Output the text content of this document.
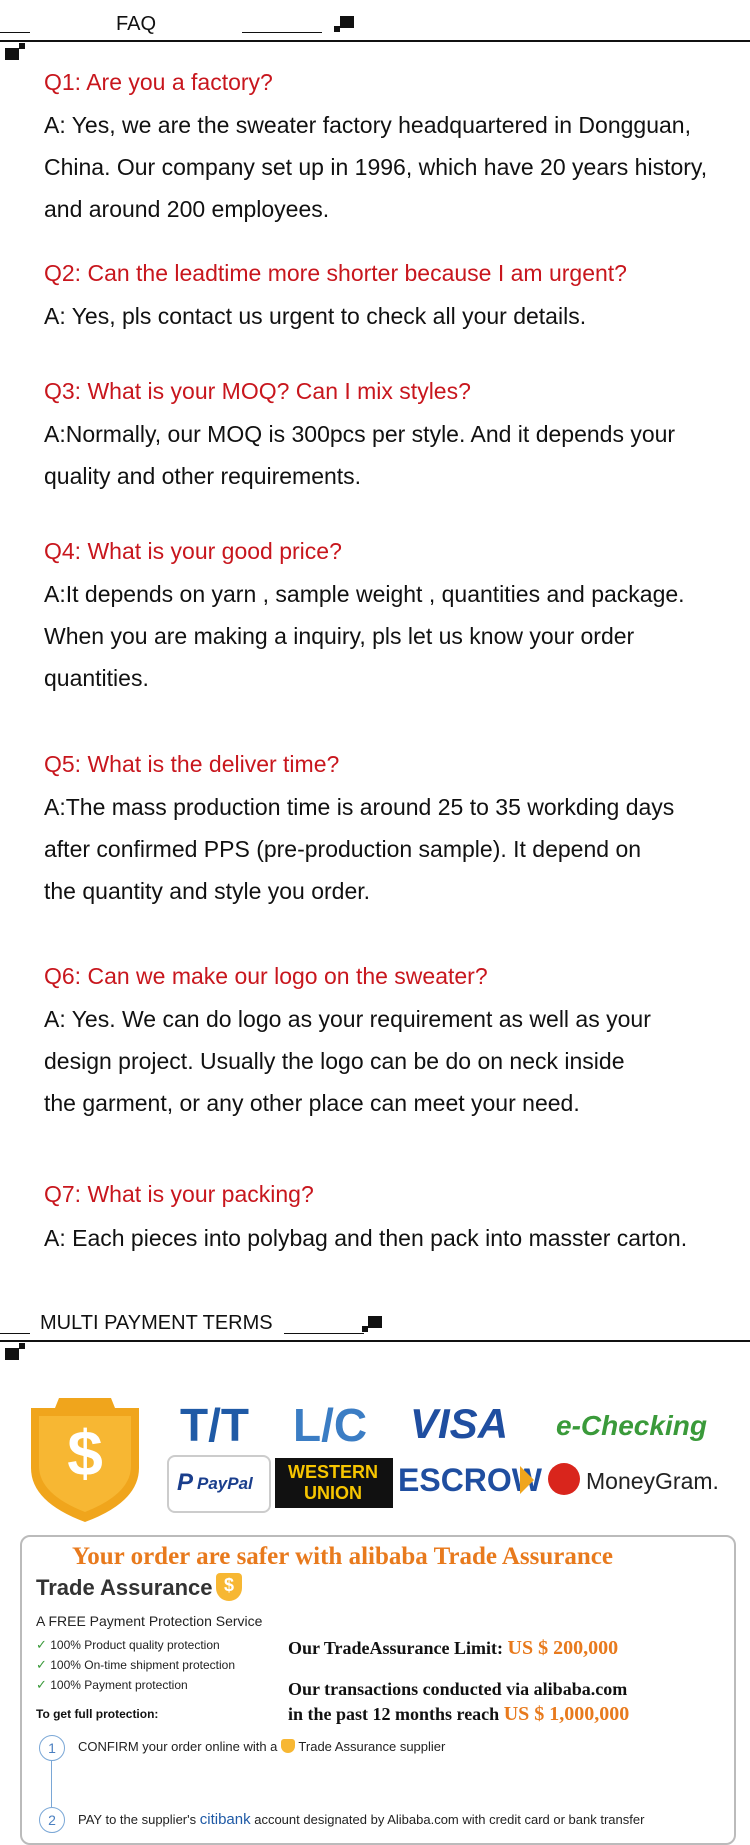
FAQ
Q1: Are you a factory?
A: Yes, we are the sweater factory headquartered in Dongguan,
China. Our company set up in 1996, which have 20 years history,
and around 200 employees.
Q2: Can the leadtime more shorter because I am urgent?
A: Yes, pls contact us urgent to check all your details.
Q3: What is your MOQ? Can I mix styles?
A:Normally, our MOQ is 300pcs per style. And it depends your
quality and other requirements.
Q4: What is your good price?
A:It depends on yarn , sample weight , quantities and package.
When you are making a inquiry, pls let us know your order
quantities.
Q5: What is the deliver time?
A:The mass production time is around 25 to 35 workding days
after confirmed PPS (pre-production sample). It depend on
the quantity and style you order.
Q6: Can we make our logo on the sweater?
A: Yes. We can do logo as your requirement as well as your
design project. Usually the logo can be do on neck inside
the garment, or any other place can meet your need.
Q7: What is your packing?
A: Each pieces into polybag and then pack into masster carton.
MULTI PAYMENT TERMS
$	T/T L/C VISA e-Checking
P PayPal
WESTERN
UNION	ESCROW MoneyGram.
Your order are safer with alibaba Trade Assurance
Trade Assurance $
A FREE Payment Protection Service
✓ 100% Product quality protection
✓ 100% On-time shipment protection
✓ 100% Payment protection
Our TradeAssurance Limit: US $ 200,000
Our transactions conducted via alibaba.com
in the past 12 months reach US $ 1,000,000
To get full protection:
1	CONFIRM your order online with a Trade Assurance supplier
2	PAY to the supplier's citibank account designated by Alibaba.com with credit card or bank transfer
